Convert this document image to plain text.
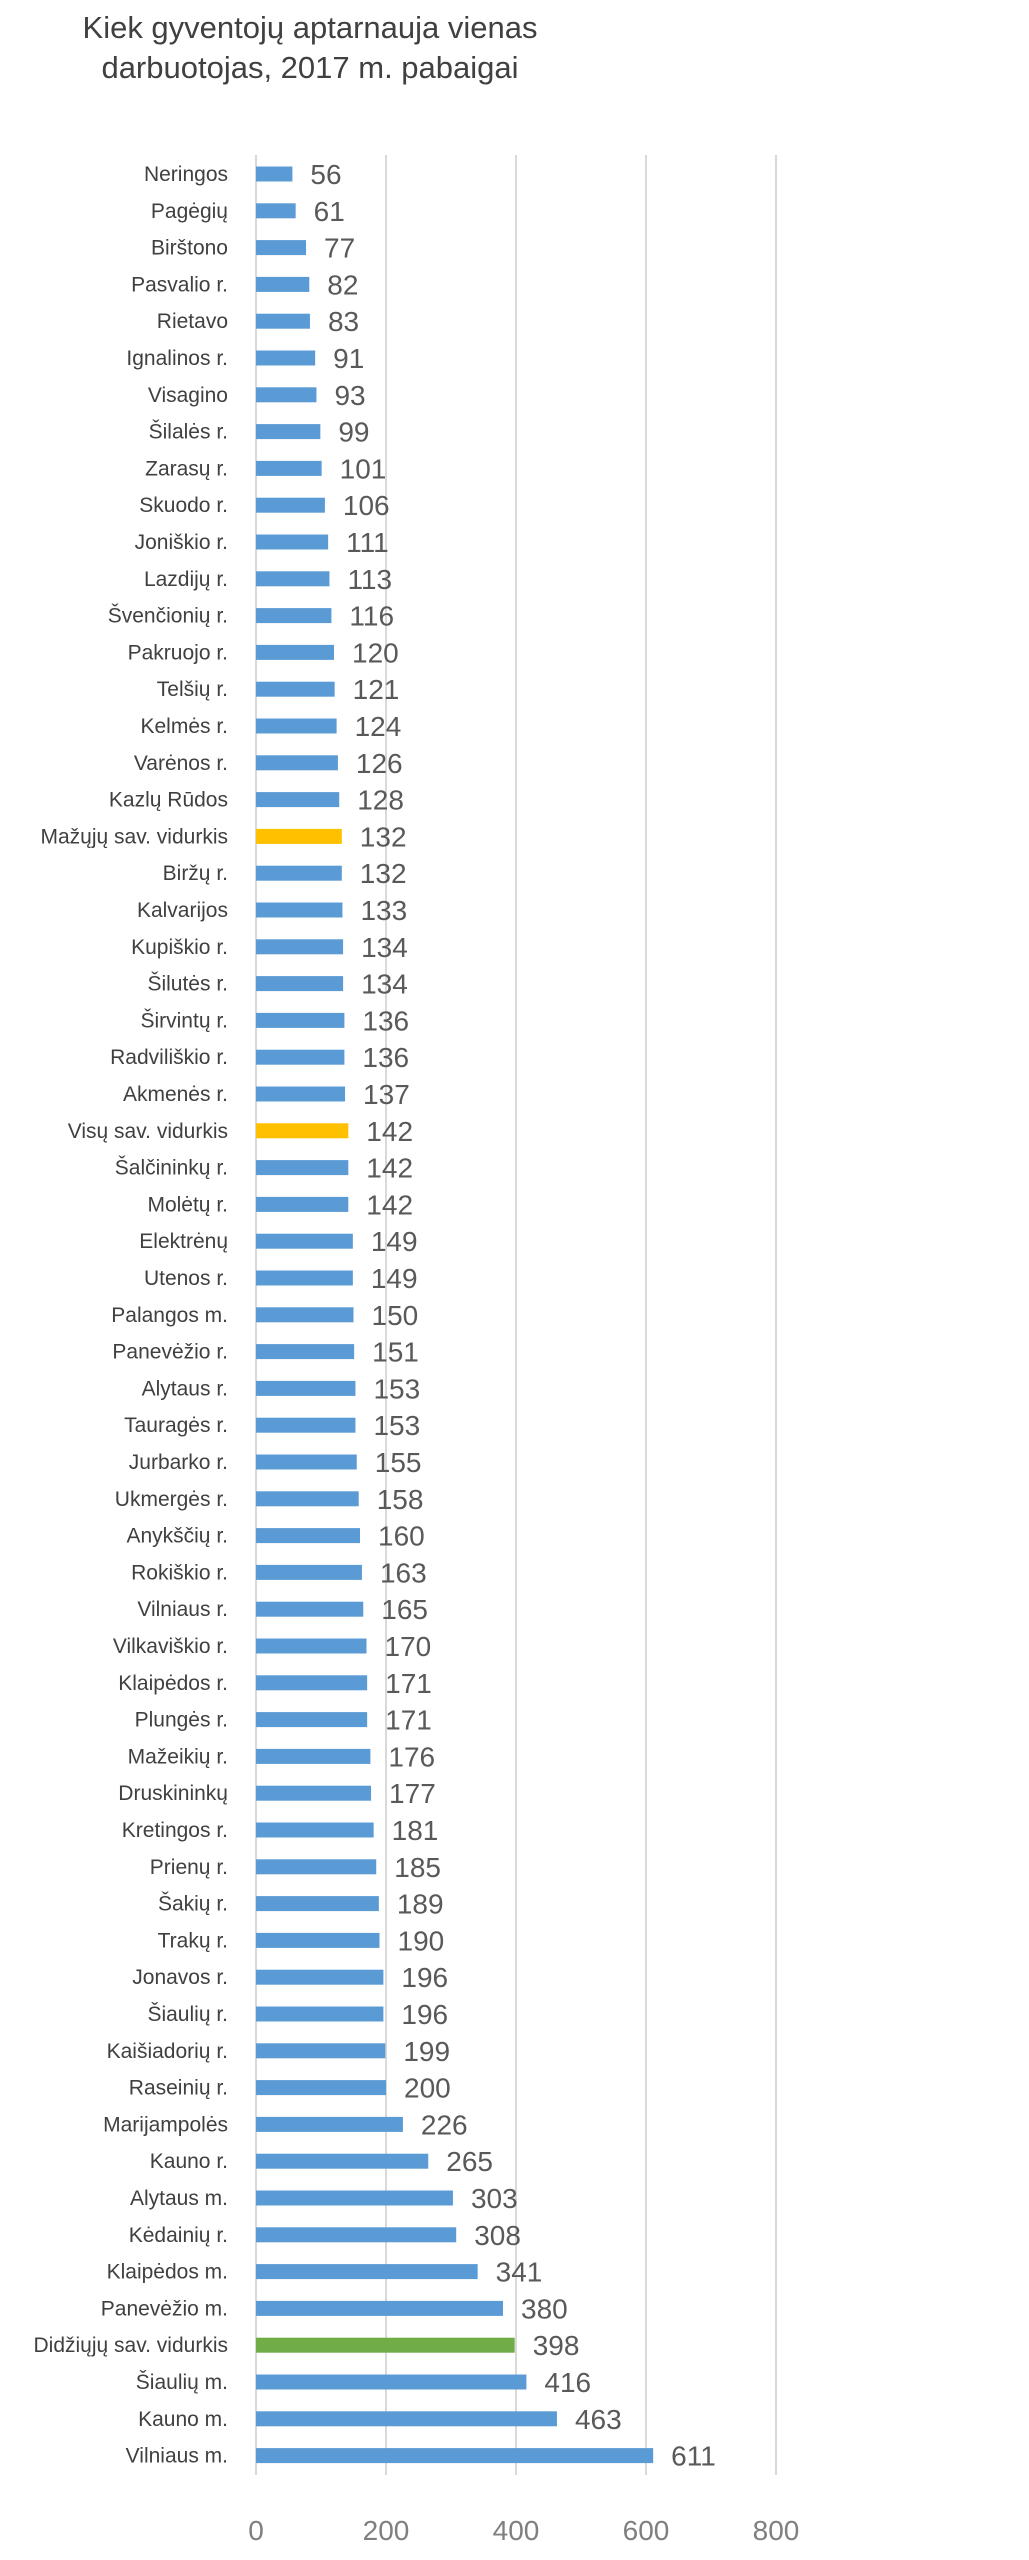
Kiek gyventojų aptarnauja vienas
darbuotojas, 2017 m. pabaigai
Neringos	56
Pagėgių	61
Birštono	77
Pasvalio r.	82
Rietavo	83
Ignalinos r.	91
Visagino	93
Šilalės r.	99
Zarasų r.	101
Skuodo r.	106
Joniškio r.	111
Lazdijų r.	113
Švenčionių r.	116
Pakruojo r.	120
Telšių r.	121
Kelmės r.	124
Varėnos r.	126
Kazlų Rūdos	128
Mažųjų sav. vidurkis	132
Biržų r.	132
Kalvarijos	133
Kupiškio r.	134
Šilutės r.	134
Širvintų r.	136
Radviliškio r.	136
Akmenės r.	137
Visų sav. vidurkis	142
Šalčininkų r.	142
Molėtų r.	142
Elektrėnų	149
Utenos r.	149
Palangos m.	150
Panevėžio r.	151
Alytaus r.	153
Tauragės r.	153
Jurbarko r.	155
Ukmergės r.	158
Anykščių r.	160
Rokiškio r.	163
Vilniaus r.	165
Vilkaviškio r.	170
Klaipėdos r.	171
Plungės r.	171
Mažeikių r.	176
Druskininkų	177
Kretingos r.	181
Prienų r.	185
Šakių r.	189
Trakų r.	190
Jonavos r.	196
Šiaulių r.	196
Kaišiadorių r.	199
Raseinių r.	200
Marijampolės	226
Kauno r.	265
Alytaus m.	303
Kėdainių r.	308
Klaipėdos m.	341
Panevėžio m.	380
Didžiųjų sav. vidurkis	398
Šiaulių m.	416
Kauno m.	463
Vilniaus m.	611
0	200	400	600	800
